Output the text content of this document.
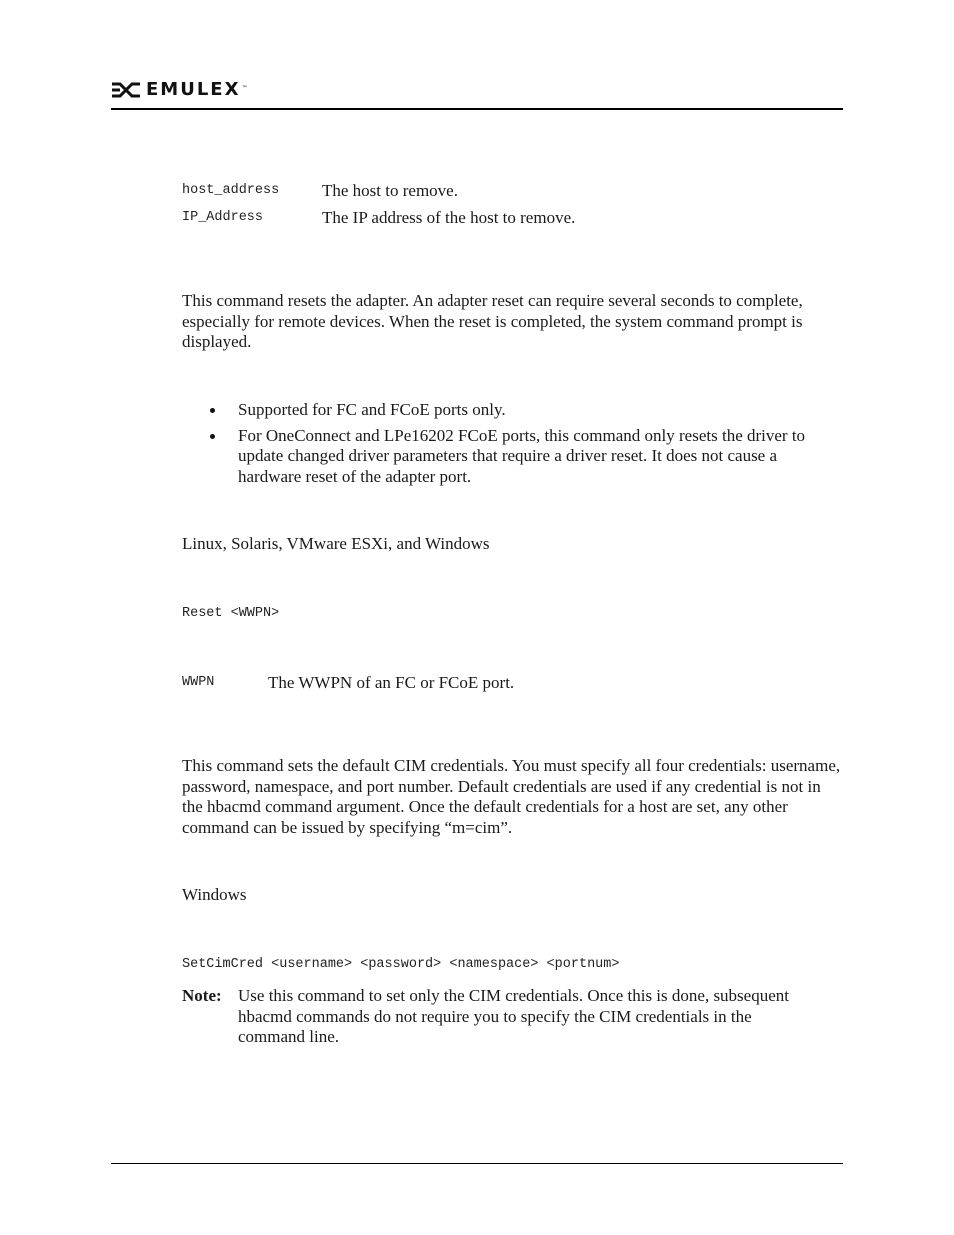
EMULEX ™
host_address	The host to remove.
IP_Address	The IP address of the host to remove.
This command resets the adapter. An adapter reset can require several seconds to complete, especially for remote devices. When the reset is completed, the system command prompt is displayed.
Supported for FC and FCoE ports only.
For OneConnect and LPe16202 FCoE ports, this command only resets the driver to update changed driver parameters that require a driver reset. It does not cause a hardware reset of the adapter port.
Linux, Solaris, VMware ESXi, and Windows
Reset <WWPN>
WWPN	The WWPN of an FC or FCoE port.
This command sets the default CIM credentials. You must specify all four credentials: username, password, namespace, and port number. Default credentials are used if any credential is not in the hbacmd command argument. Once the default credentials for a host are set, any other command can be issued by specifying “m=cim”.
Windows
SetCimCred <username> <password> <namespace> <portnum>
Note: Use this command to set only the CIM credentials. Once this is done, subsequent hbacmd commands do not require you to specify the CIM credentials in the command line.
